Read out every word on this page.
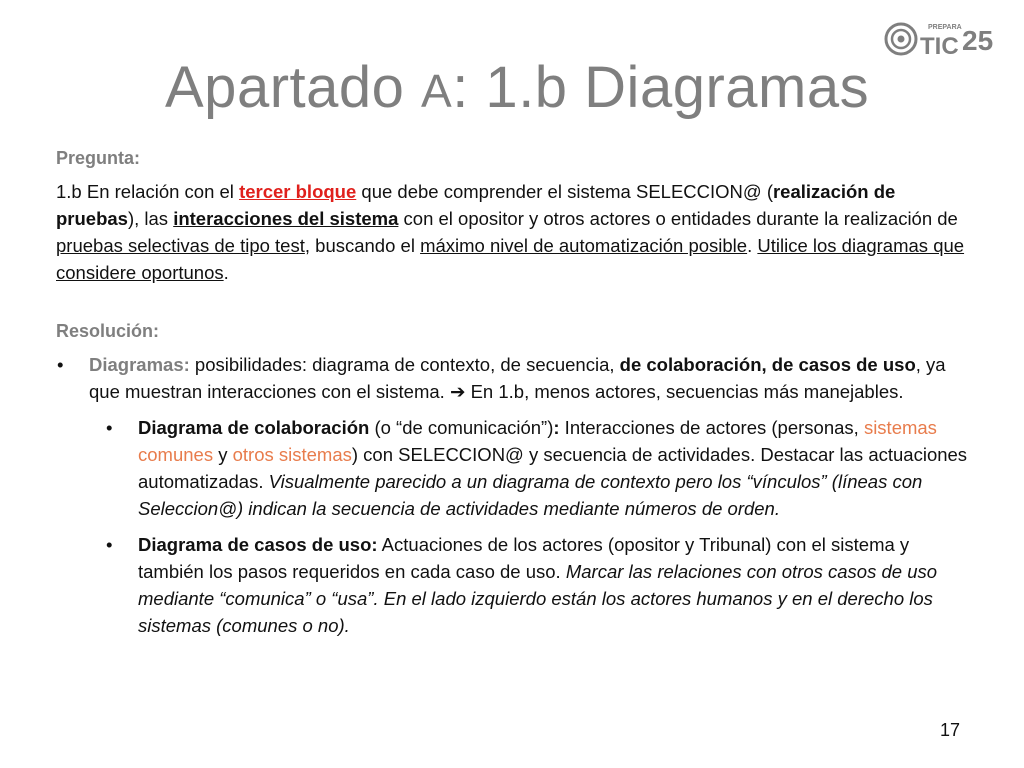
PREPARA
TIC 25
Apartado A: 1.b Diagramas
Pregunta:
1.b En relación con el tercer bloque que debe comprender el sistema SELECCION@ (realización de pruebas), las interacciones del sistema con el opositor y otros actores o entidades durante la realización de pruebas selectivas de tipo test, buscando el máximo nivel de automatización posible. Utilice los diagramas que considere oportunos.
Resolución:
• Diagramas: posibilidades: diagrama de contexto, de secuencia, de colaboración, de casos de uso, ya que muestran interacciones con el sistema. ➔ En 1.b, menos actores, secuencias más manejables.
• Diagrama de colaboración (o “de comunicación”): Interacciones de actores (personas, sistemas comunes y otros sistemas) con SELECCION@ y secuencia de actividades. Destacar las actuaciones automatizadas. Visualmente parecido a un diagrama de contexto pero los “vínculos” (líneas con Seleccion@) indican la secuencia de actividades mediante números de orden.
• Diagrama de casos de uso: Actuaciones de los actores (opositor y Tribunal) con el sistema y también los pasos requeridos en cada caso de uso. Marcar las relaciones con otros casos de uso mediante “comunica” o “usa”. En el lado izquierdo están los actores humanos y en el derecho los sistemas (comunes o no).
17
